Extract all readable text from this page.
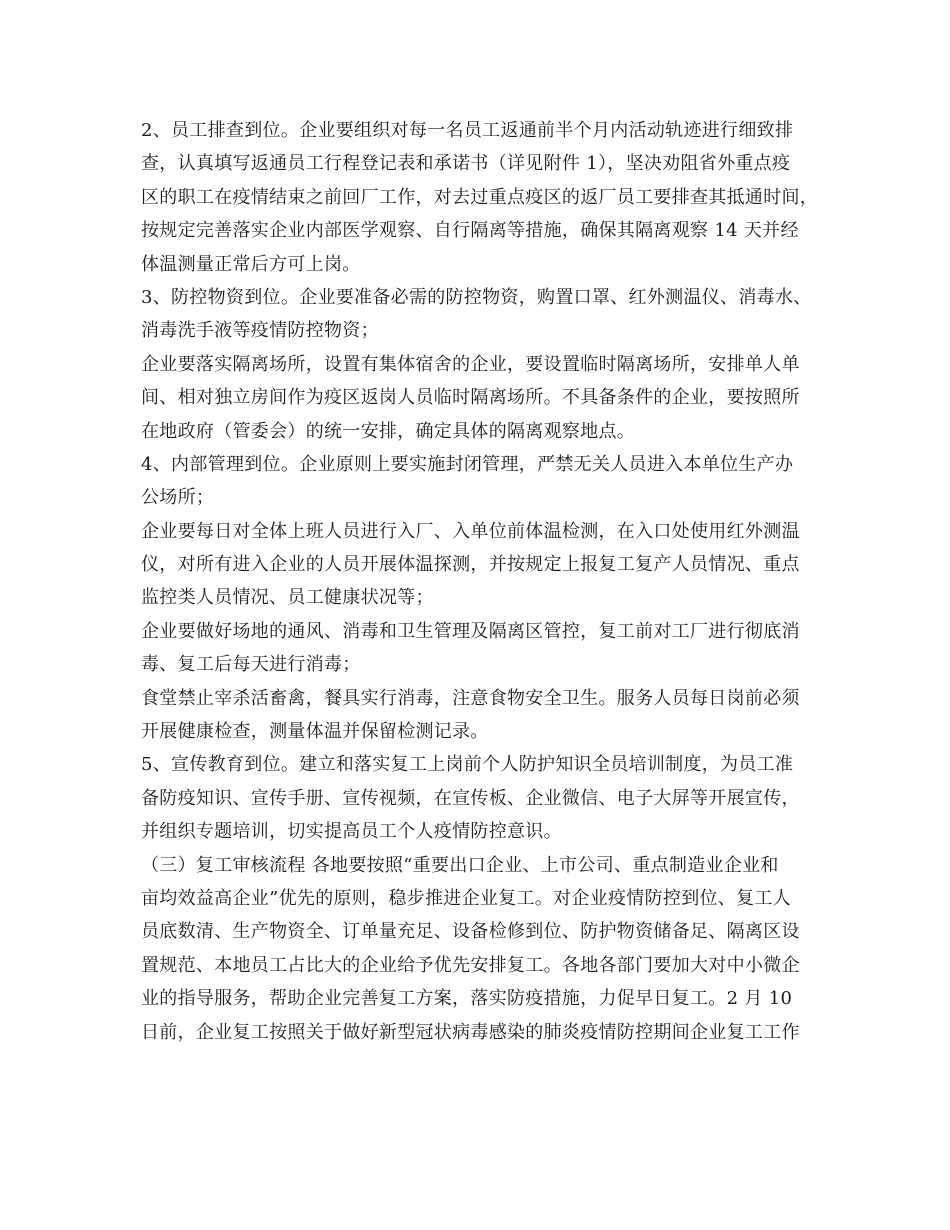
2、员工排查到位。企业要组织对每一名员工返通前半个月内活动轨迹进行细致排
查，认真填写返通员工行程登记表和承诺书（详见附件 1），坚决劝阻省外重点疫
区的职工在疫情结束之前回厂工作，对去过重点疫区的返厂员工要排查其抵通时间，
按规定完善落实企业内部医学观察、自行隔离等措施，确保其隔离观察 14 天并经
体温测量正常后方可上岗。
3、防控物资到位。企业要准备必需的防控物资，购置口罩、红外测温仪、消毒水、
消毒洗手液等疫情防控物资；
企业要落实隔离场所，设置有集体宿舍的企业，要设置临时隔离场所，安排单人单
间、相对独立房间作为疫区返岗人员临时隔离场所。不具备条件的企业，要按照所
在地政府（管委会）的统一安排，确定具体的隔离观察地点。
4、内部管理到位。企业原则上要实施封闭管理，严禁无关人员进入本单位生产办
公场所；
企业要每日对全体上班人员进行入厂、入单位前体温检测，在入口处使用红外测温
仪，对所有进入企业的人员开展体温探测，并按规定上报复工复产人员情况、重点
监控类人员情况、员工健康状况等；
企业要做好场地的通风、消毒和卫生管理及隔离区管控，复工前对工厂进行彻底消
毒、复工后每天进行消毒；
食堂禁止宰杀活畜禽，餐具实行消毒，注意食物安全卫生。服务人员每日岗前必须
开展健康检查，测量体温并保留检测记录。
5、宣传教育到位。建立和落实复工上岗前个人防护知识全员培训制度，为员工准
备防疫知识、宣传手册、宣传视频，在宣传板、企业微信、电子大屏等开展宣传，
并组织专题培训，切实提高员工个人疫情防控意识。
（三）复工审核流程 各地要按照“重要出口企业、上市公司、重点制造业企业和
亩均效益高企业”优先的原则，稳步推进企业复工。对企业疫情防控到位、复工人
员底数清、生产物资全、订单量充足、设备检修到位、防护物资储备足、隔离区设
置规范、本地员工占比大的企业给予优先安排复工。各地各部门要加大对中小微企
业的指导服务，帮助企业完善复工方案，落实防疫措施，力促早日复工。2 月 10
日前，企业复工按照关于做好新型冠状病毒感染的肺炎疫情防控期间企业复工工作
